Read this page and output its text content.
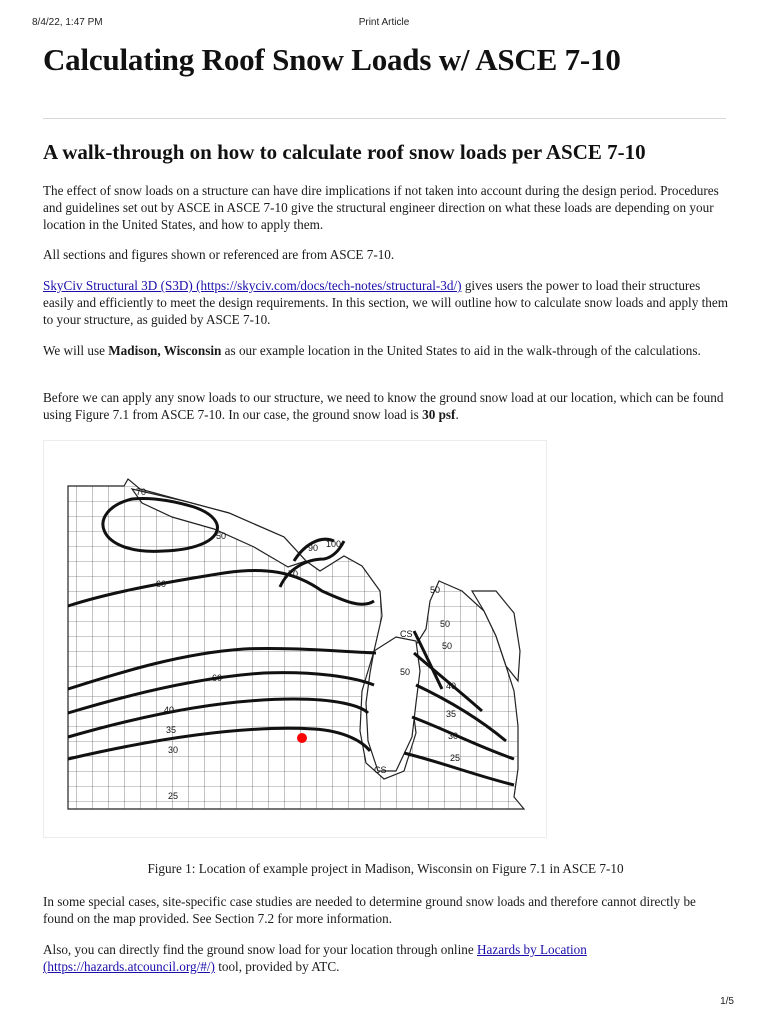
8/4/22, 1:47 PM	Print Article
Calculating Roof Snow Loads w/ ASCE 7-10
A walk-through on how to calculate roof snow loads per ASCE 7-10

The effect of snow loads on a structure can have dire implications if not taken into account during the design period. Procedures and guidelines set out by ASCE in ASCE 7-10 give the structural engineer direction on what these loads are depending on your location in the United States, and how to apply them.

All sections and figures shown or referenced are from ASCE 7-10.

SkyCiv Structural 3D (S3D) (https://skyciv.com/docs/tech-notes/structural-3d/) gives users the power to load their structures easily and efficiently to meet the design requirements. In this section, we will outline how to calculate snow loads and apply them to your structure, as guided by ASCE 7-10.

We will use Madison, Wisconsin as our example location in the United States to aid in the walk-through of the calculations.

Before we can apply any snow loads to our structure, we need to know the ground snow load at our location, which can be found using Figure 7.1 from ASCE 7-10. In our case, the ground snow load is 30 psf.

70
50
60
90 100
70
50
CS
50
50
40
40
35
35
30
30
25
25
50
CS
60

Figure 1: Location of example project in Madison, Wisconsin on Figure 7.1 in ASCE 7-10

In some special cases, site-specific case studies are needed to determine ground snow loads and therefore cannot directly be found on the map provided. See Section 7.2 for more information.

Also, you can directly find the ground snow load for your location through online Hazards by Location (https://hazards.atcouncil.org/#/) tool, provided by ATC.

1/5
